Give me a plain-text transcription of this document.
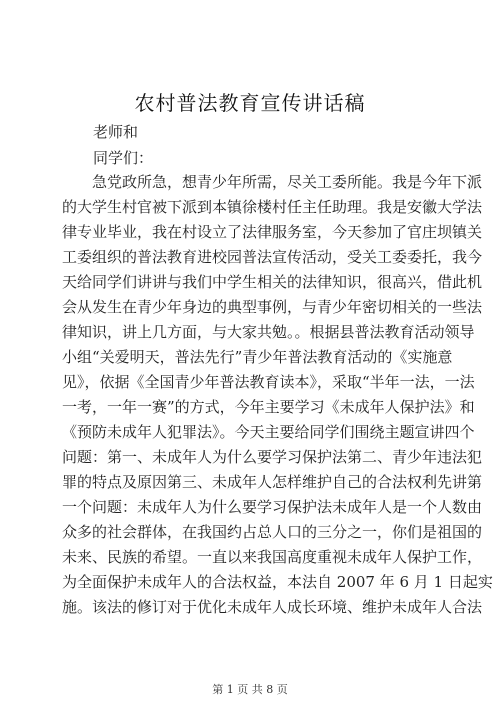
农村普法教育宣传讲话稿
老师和
同学们：
急党政所急，想青少年所需，尽关工委所能。我是今年下派
的大学生村官被下派到本镇徐楼村任主任助理。我是安徽大学法
律专业毕业，我在村设立了法律服务室，今天参加了官庄坝镇关
工委组织的普法教育进校园普法宣传活动，受关工委委托，我今
天给同学们讲讲与我们中学生相关的法律知识，很高兴，借此机
会从发生在青少年身边的典型事例，与青少年密切相关的一些法
律知识，讲上几方面，与大家共勉。。根据县普法教育活动领导
小组“关爱明天，普法先行”青少年普法教育活动的《实施意
见》，依据《全国青少年普法教育读本》，采取“半年一法，一法
一考，一年一赛”的方式，今年主要学习《未成年人保护法》和
《预防未成年人犯罪法》。今天主要给同学们围绕主题宣讲四个
问题：第一、未成年人为什么要学习保护法第二、青少年违法犯
罪的特点及原因第三、未成年人怎样维护自己的合法权利先讲第
一个问题：未成年人为什么要学习保护法未成年人是一个人数由
众多的社会群体，在我国约占总人口的三分之一，你们是祖国的
未来、民族的希望。一直以来我国高度重视未成年人保护工作，
为全面保护未成年人的合法权益，本法自 2007 年 6 月 1 日起实
施。该法的修订对于优化未成年人成长环境、维护未成年人合法
第 1 页 共 8 页
